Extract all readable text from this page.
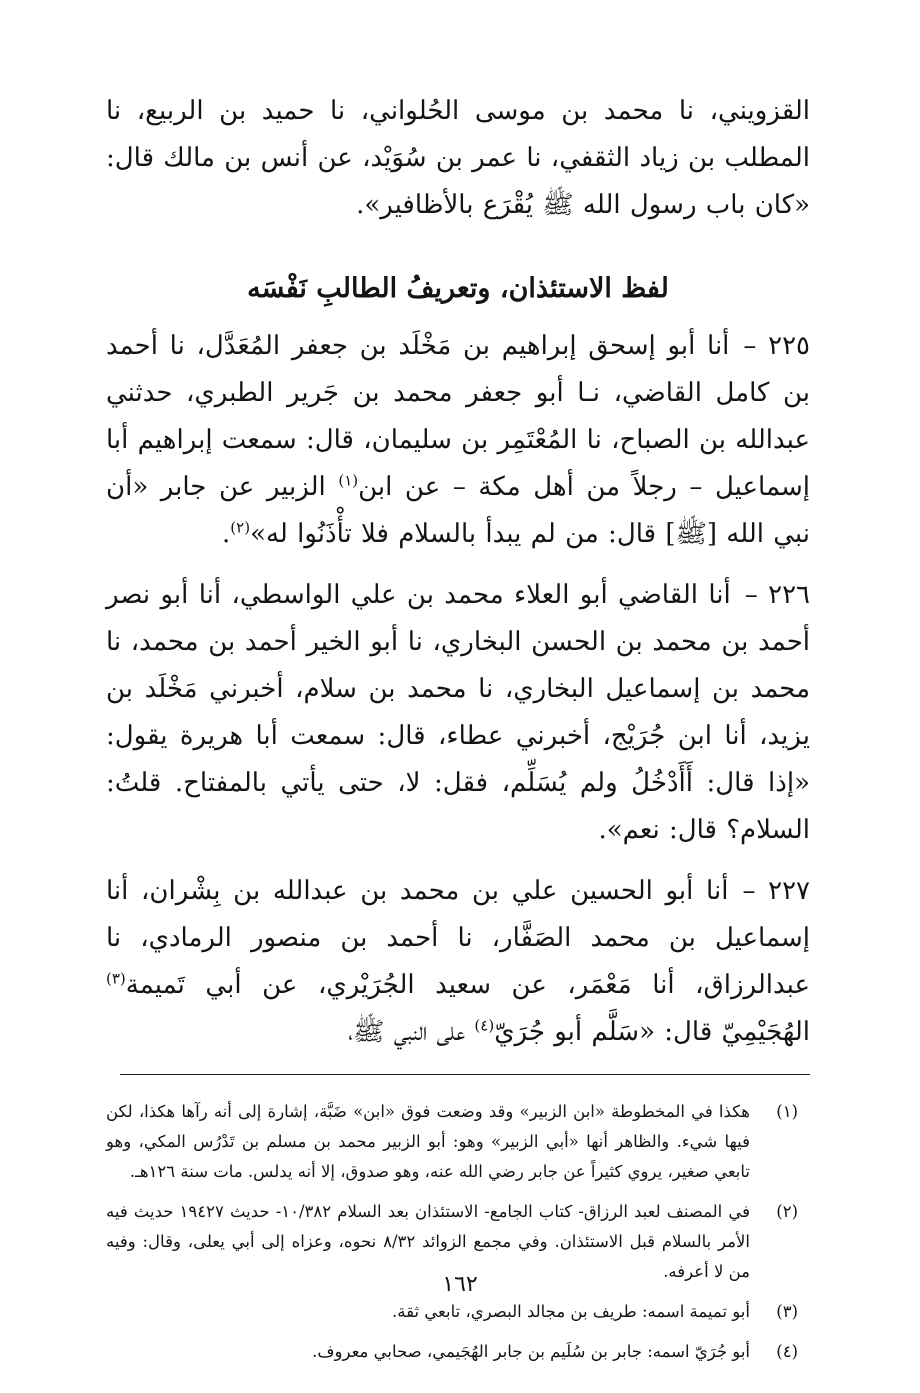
القزويني، نا محمد بن موسى الحُلواني، نا حميد بن الربيع، نا المطلب بن زياد الثقفي، نا عمر بن سُوَيْد، عن أنس بن مالك قال: «كان باب رسول الله ﷺ يُقْرَع بالأظافير».

لفظ الاستئذان، وتعريفُ الطالبِ نَفْسَه

٢٢٥ –أنا أبو إسحق إبراهيم بن مَخْلَد بن جعفر المُعَدَّل، نا أحمد بن كامل القاضي، نـا أبو جعفر محمد بن جَرير الطبري، حدثني عبدالله بن الصباح، نا المُعْتَمِر بن سليمان، قال: سمعت إبراهيم أبا إسماعيل – رجلاً من أهل مكة – عن ابن$^{(١)}$ الزبير عن جابر «أن نبي الله [ﷺ] قال: من لم يبدأ بالسلام فلا تأْذَنُوا له»$^{(٢)}$.

٢٢٦ –أنا القاضي أبو العلاء محمد بن علي الواسطي، أنا أبو نصر أحمد بن محمد بن الحسن البخاري، نا أبو الخير أحمد بن محمد، نا محمد بن إسماعيل البخاري، نا محمد بن سلام، أخبرني مَخْلَد بن يزيد، أنا ابن جُرَيْج، أخبرني عطاء، قال: سمعت أبا هريرة يقول: «إذا قال: أَأَدْخُلُ ولم يُسَلِّم، فقل: لا، حتى يأتي بالمفتاح. قلتُ: السلام؟ قال: نعم».

٢٢٧ –أنا أبو الحسين علي بن محمد بن عبدالله بن بِشْران، أنا إسماعيل بن محمد الصَفَّار، نا أحمد بن منصور الرمادي، نا عبدالرزاق، أنا مَعْمَر، عن سعيد الجُرَيْري، عن أبي تَميمة$^{(٣)}$ الهُجَيْمِيّ قال: «سَلَّم أبو جُرَيّ$^{(٤)}$ على النبي ﷺ،

(١)
هكذا في المخطوطة «ابن الزبير» وقد وضعت فوق «ابن» ضَبَّة، إشارة إلى أنه رآها هكذا، لكن فيها شيء. والظاهر أنها «أبي الزبير» وهو: أبو الزبير محمد بن مسلم بن تَدْرُس المكي، وهو تابعي صغير، يروي كثيراً عن جابر رضي الله عنه، وهو صدوق، إلا أنه يدلس. مات سنة ١٢٦هـ.
(٢)
في المصنف لعبد الرزاق- كتاب الجامع- الاستئذان بعد السلام ١٠/٣٨٢- حديث ١٩٤٢٧ حديث فيه الأمر بالسلام قبل الاستئذان. وفي مجمع الزوائد ٨/٣٢ نحوه، وعزاه إلى أبي يعلى، وقال: وفيه من لا أعرفه.
(٣)
أبو تميمة اسمه: طريف بن مجالد البصري، تابعي ثقة.
(٤)
أبو جُرَيّ اسمه: جابر بن سُلَيم بن جابر الهُجَيمي، صحابي معروف.
١٦٢
